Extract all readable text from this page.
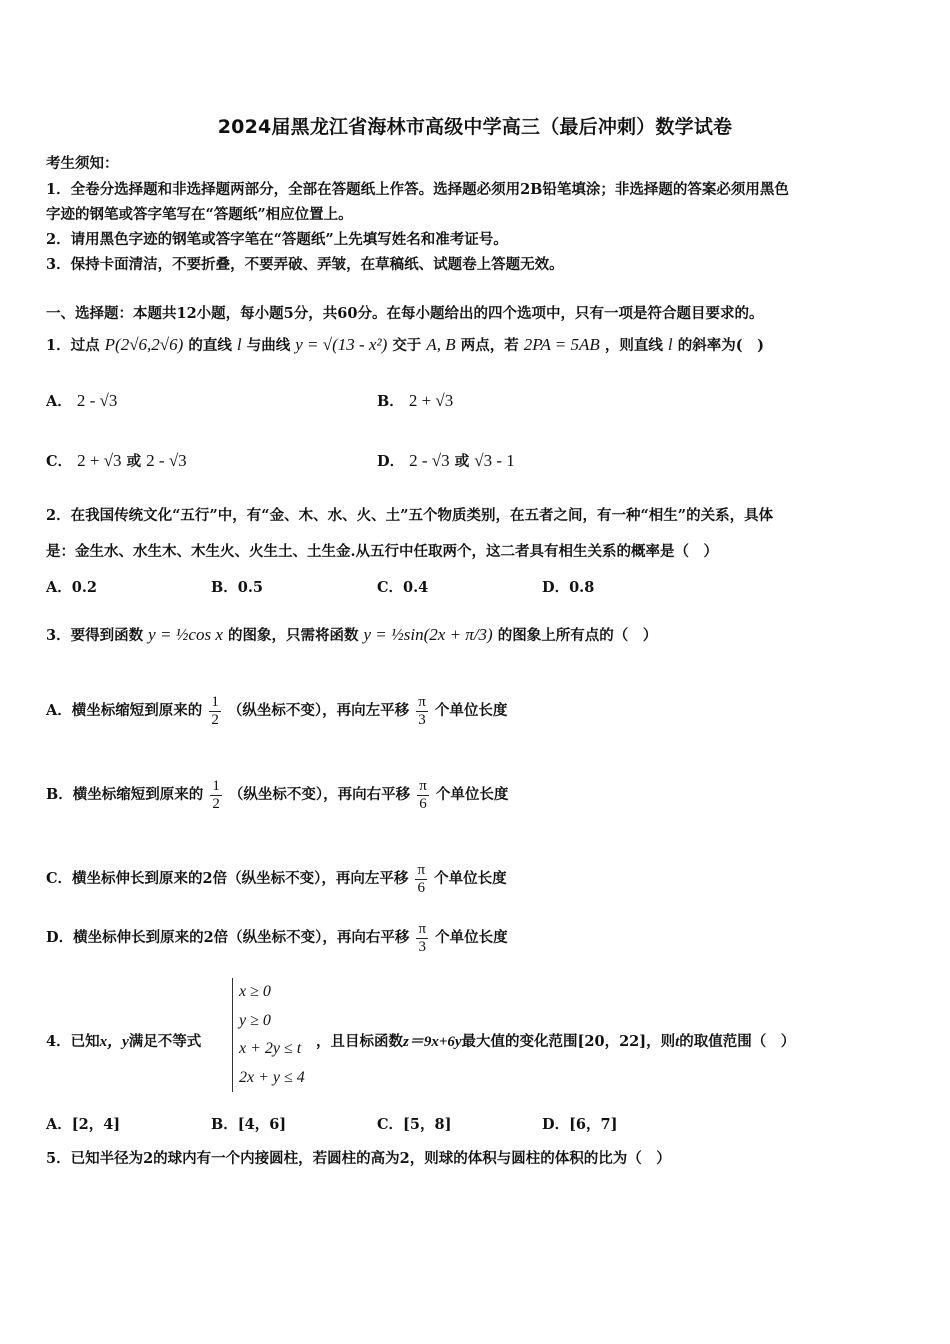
2024届黑龙江省海林市高级中学高三（最后冲刺）数学试卷
考生须知：
1．全卷分选择题和非选择题两部分，全部在答题纸上作答。选择题必须用2B铅笔填涂；非选择题的答案必须用黑色
字迹的钢笔或答字笔写在“答题纸”相应位置上。
2．请用黑色字迹的钢笔或答字笔在“答题纸”上先填写姓名和准考证号。
3．保持卡面清洁，不要折叠，不要弄破、弄皱，在草稿纸、试题卷上答题无效。
一、选择题：本题共12小题，每小题5分，共60分。在每小题给出的四个选项中，只有一项是符合题目要求的。
1．过点 P(2√6,2√6) 的直线 l 与曲线 y = √(13 - x²) 交于 A, B 两点，若 2PA = 5AB ，则直线 l 的斜率为(　)
A． 2 - √3	B． 2 + √3
C． 2 + √3 或 2 - √3	D． 2 - √3 或 √3 - 1
2．在我国传统文化“五行”中，有“金、木、水、火、土”五个物质类别，在五者之间，有一种“相生”的关系，具体
是：金生水、水生木、木生火、火生土、土生金.从五行中任取两个，这二者具有相生关系的概率是（　）
A．0.2	B．0.5	C．0.4	D．0.8
3．要得到函数 y = ½cos x 的图象，只需将函数 y = ½sin(2x + π/3) 的图象上所有点的（　）
A．横坐标缩短到原来的 $\frac{1}{2}$ （纵坐标不变），再向左平移 $\frac{\pi}{3}$ 个单位长度
B．横坐标缩短到原来的 $\frac{1}{2}$ （纵坐标不变），再向右平移 $\frac{\pi}{6}$ 个单位长度
C．横坐标伸长到原来的2倍（纵坐标不变），再向左平移 $\frac{\pi}{6}$ 个单位长度
D．横坐标伸长到原来的2倍（纵坐标不变），再向右平移 $\frac{\pi}{3}$ 个单位长度
4．已知x，y满足不等式
x ≥ 0
y ≥ 0
x + 2y ≤ t
2x + y ≤ 4
，且目标函数z＝9x+6y最大值的变化范围[20，22]，则t的取值范围（　）
A．[2，4]	B．[4，6]	C．[5，8]	D．[6，7]
5．已知半径为2的球内有一个内接圆柱，若圆柱的高为2，则球的体积与圆柱的体积的比为（　）
